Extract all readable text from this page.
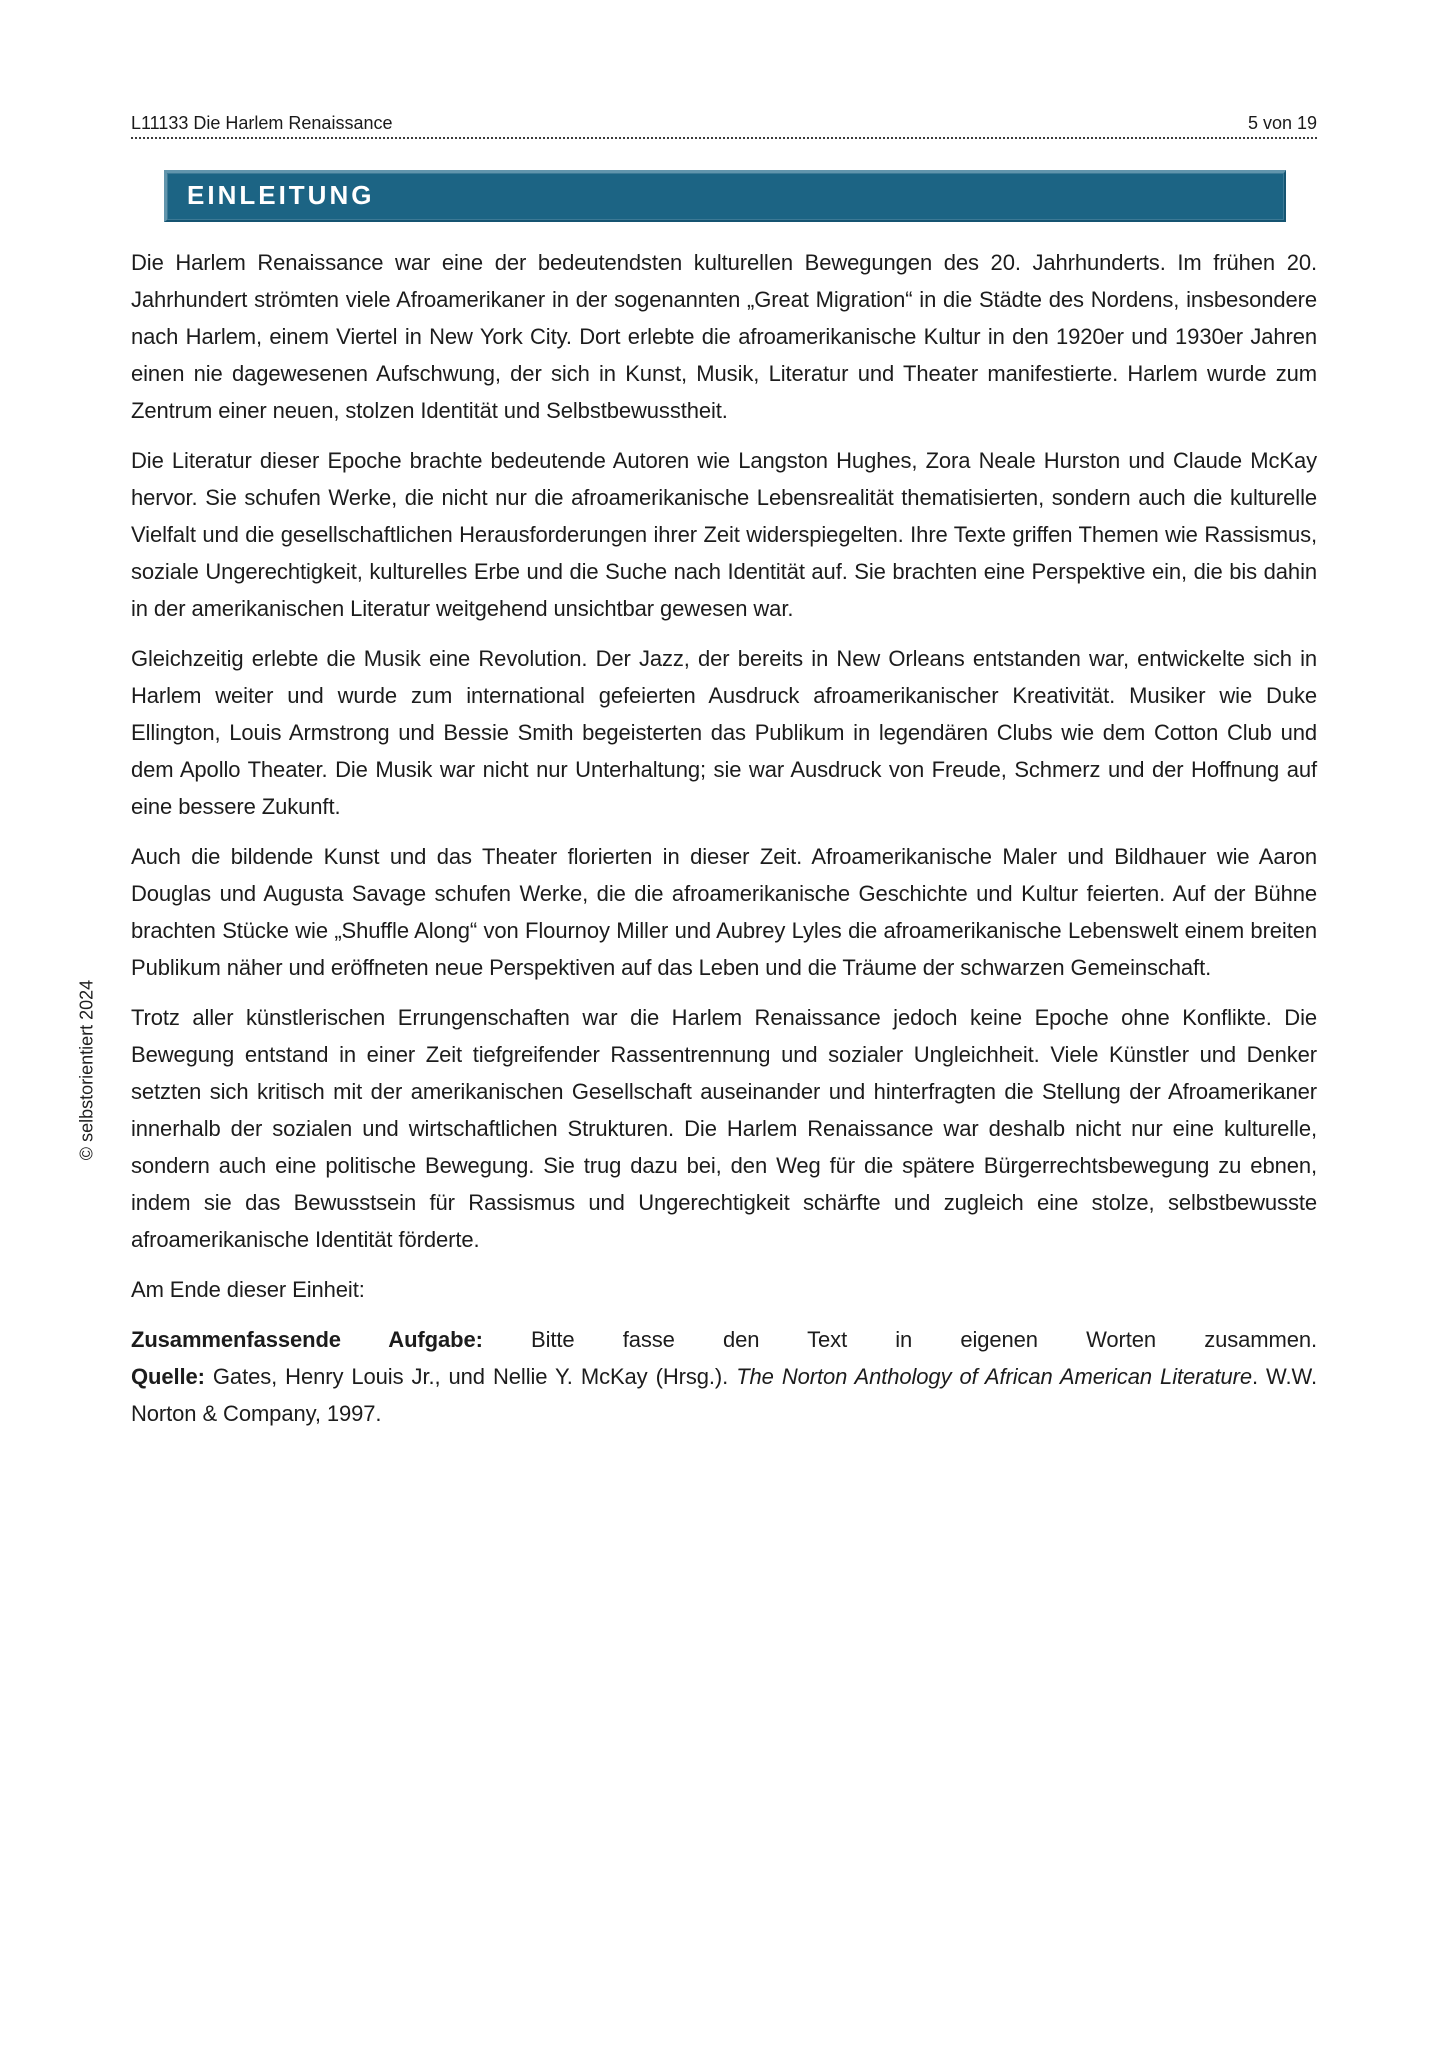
L11133 Die Harlem Renaissance	5 von 19
EINLEITUNG

Die Harlem Renaissance war eine der bedeutendsten kulturellen Bewegungen des 20. Jahrhunderts. Im frühen 20. Jahrhundert strömten viele Afroamerikaner in der sogenannten „Great Migration“ in die Städte des Nordens, insbesondere nach Harlem, einem Viertel in New York City. Dort erlebte die afroamerikanische Kultur in den 1920er und 1930er Jahren einen nie dagewesenen Aufschwung, der sich in Kunst, Musik, Literatur und Theater manifestierte. Harlem wurde zum Zentrum einer neuen, stolzen Identität und Selbstbewusstheit.

Die Literatur dieser Epoche brachte bedeutende Autoren wie Langston Hughes, Zora Neale Hurston und Claude McKay hervor. Sie schufen Werke, die nicht nur die afroamerikanische Lebensrealität thematisierten, sondern auch die kulturelle Vielfalt und die gesellschaftlichen Herausforderungen ihrer Zeit widerspiegelten. Ihre Texte griffen Themen wie Rassismus, soziale Ungerechtigkeit, kulturelles Erbe und die Suche nach Identität auf. Sie brachten eine Perspektive ein, die bis dahin in der amerikanischen Literatur weitgehend unsichtbar gewesen war.

Gleichzeitig erlebte die Musik eine Revolution. Der Jazz, der bereits in New Orleans entstanden war, entwickelte sich in Harlem weiter und wurde zum international gefeierten Ausdruck afroamerikanischer Kreativität. Musiker wie Duke Ellington, Louis Armstrong und Bessie Smith begeisterten das Publikum in legendären Clubs wie dem Cotton Club und dem Apollo Theater. Die Musik war nicht nur Unterhaltung; sie war Ausdruck von Freude, Schmerz und der Hoffnung auf eine bessere Zukunft.

Auch die bildende Kunst und das Theater florierten in dieser Zeit. Afroamerikanische Maler und Bildhauer wie Aaron Douglas und Augusta Savage schufen Werke, die die afroamerikanische Geschichte und Kultur feierten. Auf der Bühne brachten Stücke wie „Shuffle Along“ von Flournoy Miller und Aubrey Lyles die afroamerikanische Lebenswelt einem breiten Publikum näher und eröffneten neue Perspektiven auf das Leben und die Träume der schwarzen Gemeinschaft.

Trotz aller künstlerischen Errungenschaften war die Harlem Renaissance jedoch keine Epoche ohne Konflikte. Die Bewegung entstand in einer Zeit tiefgreifender Rassentrennung und sozialer Ungleichheit. Viele Künstler und Denker setzten sich kritisch mit der amerikanischen Gesellschaft auseinander und hinterfragten die Stellung der Afroamerikaner innerhalb der sozialen und wirtschaftlichen Strukturen. Die Harlem Renaissance war deshalb nicht nur eine kulturelle, sondern auch eine politische Bewegung. Sie trug dazu bei, den Weg für die spätere Bürgerrechtsbewegung zu ebnen, indem sie das Bewusstsein für Rassismus und Ungerechtigkeit schärfte und zugleich eine stolze, selbstbewusste afroamerikanische Identität förderte.

Am Ende dieser Einheit:

Zusammenfassende Aufgabe: Bitte fasse den Text in eigenen Worten zusammen.

Quelle: Gates, Henry Louis Jr., und Nellie Y. McKay (Hrsg.). The Norton Anthology of African American Literature. W.W. Norton & Company, 1997.

© selbstorientiert 2024
